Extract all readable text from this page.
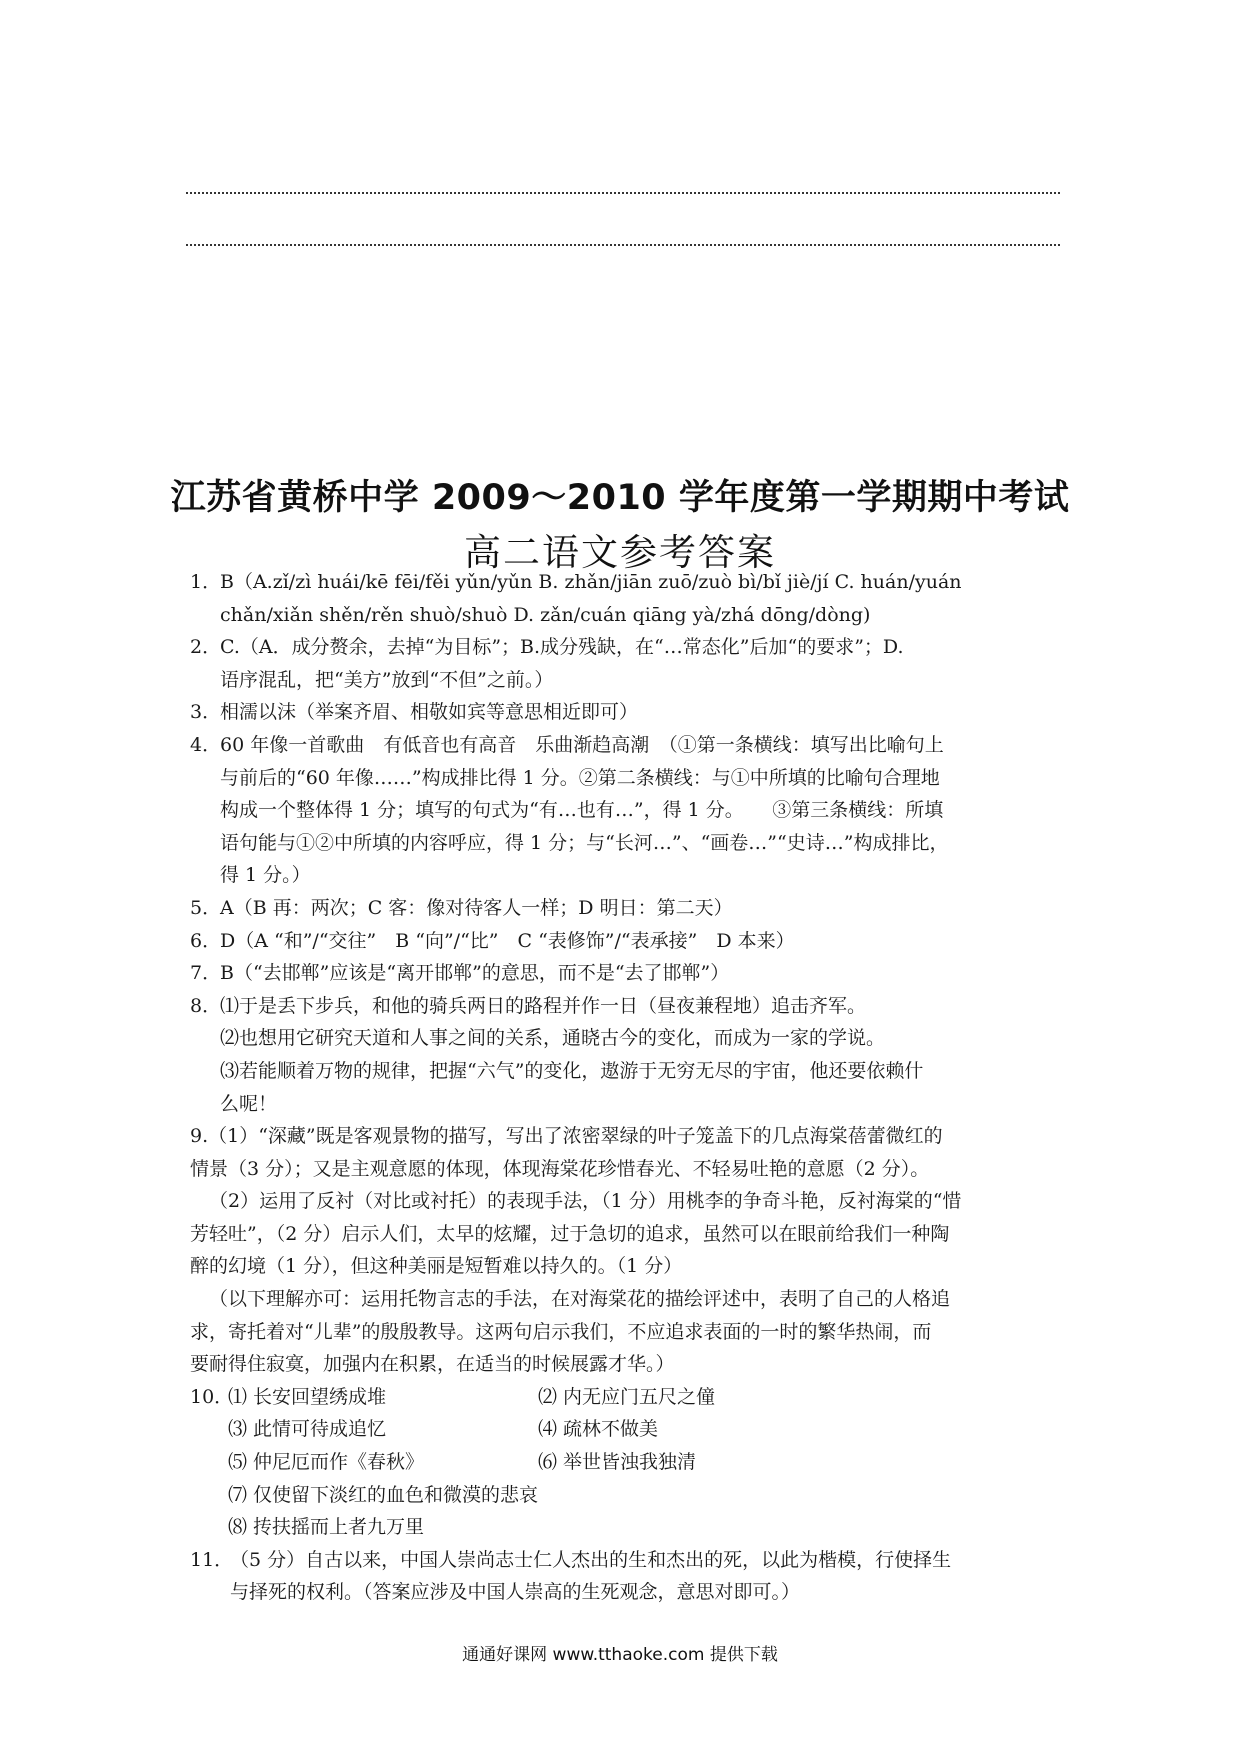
江苏省黄桥中学 2009～2010 学年度第一学期期中考试
高二语文参考答案
1．
B（A.zǐ/zì huái/kē fēi/fěi yǔn/yǔn B. zhǎn/jiān zuō/zuò bì/bǐ jiè/jí C. huán/yuán
chǎn/xiǎn shěn/rěn shuò/shuò D. zǎn/cuán qiāng yà/zhá dōng/dòng)
2．
C.（A．成分赘余，去掉“为目标”；B.成分残缺，在“…常态化”后加“的要求”；D.
语序混乱，把“美方”放到“不但”之前。）
3．
相濡以沫（举案齐眉、相敬如宾等意思相近即可）
4．
60 年像一首歌曲　有低音也有高音　乐曲渐趋高潮　（①第一条横线：填写出比喻句上
与前后的“60 年像……”构成排比得 1 分。②第二条横线：与①中所填的比喻句合理地
构成一个整体得 1 分；填写的句式为“有…也有…”，得 1 分。　　③第三条横线：所填
语句能与①②中所填的内容呼应，得 1 分；与“长河…”、“画卷…”“史诗…”构成排比，
得 1 分。）
5．
A（B 再：两次；C 客：像对待客人一样；D 明日：第二天）
6．
D（A “和”/“交往”　B “向”/“比”　C “表修饰”/“表承接”　D 本来）
7．
B（“去邯郸”应该是“离开邯郸”的意思，而不是“去了邯郸”）
8．
⑴于是丢下步兵，和他的骑兵两日的路程并作一日（昼夜兼程地）追击齐军。
⑵也想用它研究天道和人事之间的关系，通晓古今的变化，而成为一家的学说。
⑶若能顺着万物的规律，把握“六气”的变化，遨游于无穷无尽的宇宙，他还要依赖什
么呢！
9.（1）“深藏”既是客观景物的描写，写出了浓密翠绿的叶子笼盖下的几点海棠蓓蕾微红的
情景（3 分）；又是主观意愿的体现，体现海棠花珍惜春光、不轻易吐艳的意愿（2 分）。
（2）运用了反衬（对比或衬托）的表现手法，（1 分）用桃李的争奇斗艳，反衬海棠的“惜
芳轻吐”，（2 分）启示人们，太早的炫耀，过于急切的追求，虽然可以在眼前给我们一种陶
醉的幻境（1 分），但这种美丽是短暂难以持久的。（1 分）
（以下理解亦可：运用托物言志的手法，在对海棠花的描绘评述中，表明了自己的人格追
求，寄托着对“儿辈”的殷殷教导。这两句启示我们，不应追求表面的一时的繁华热闹，而
要耐得住寂寞，加强内在积累，在适当的时候展露才华。）
10．
⑴ 长安回望绣成堆	⑵ 内无应门五尺之僮
⑶ 此情可待成追忆	⑷ 疏林不做美
⑸ 仲尼厄而作《春秋》	⑹ 举世皆浊我独清
⑺ 仅使留下淡红的血色和微漠的悲哀
⑻ 抟扶摇而上者九万里
11．
（5 分）自古以来，中国人崇尚志士仁人杰出的生和杰出的死，以此为楷模，行使择生
与择死的权利。（答案应涉及中国人崇高的生死观念，意思对即可。）
通通好课网 www.tthaoke.com 提供下载
